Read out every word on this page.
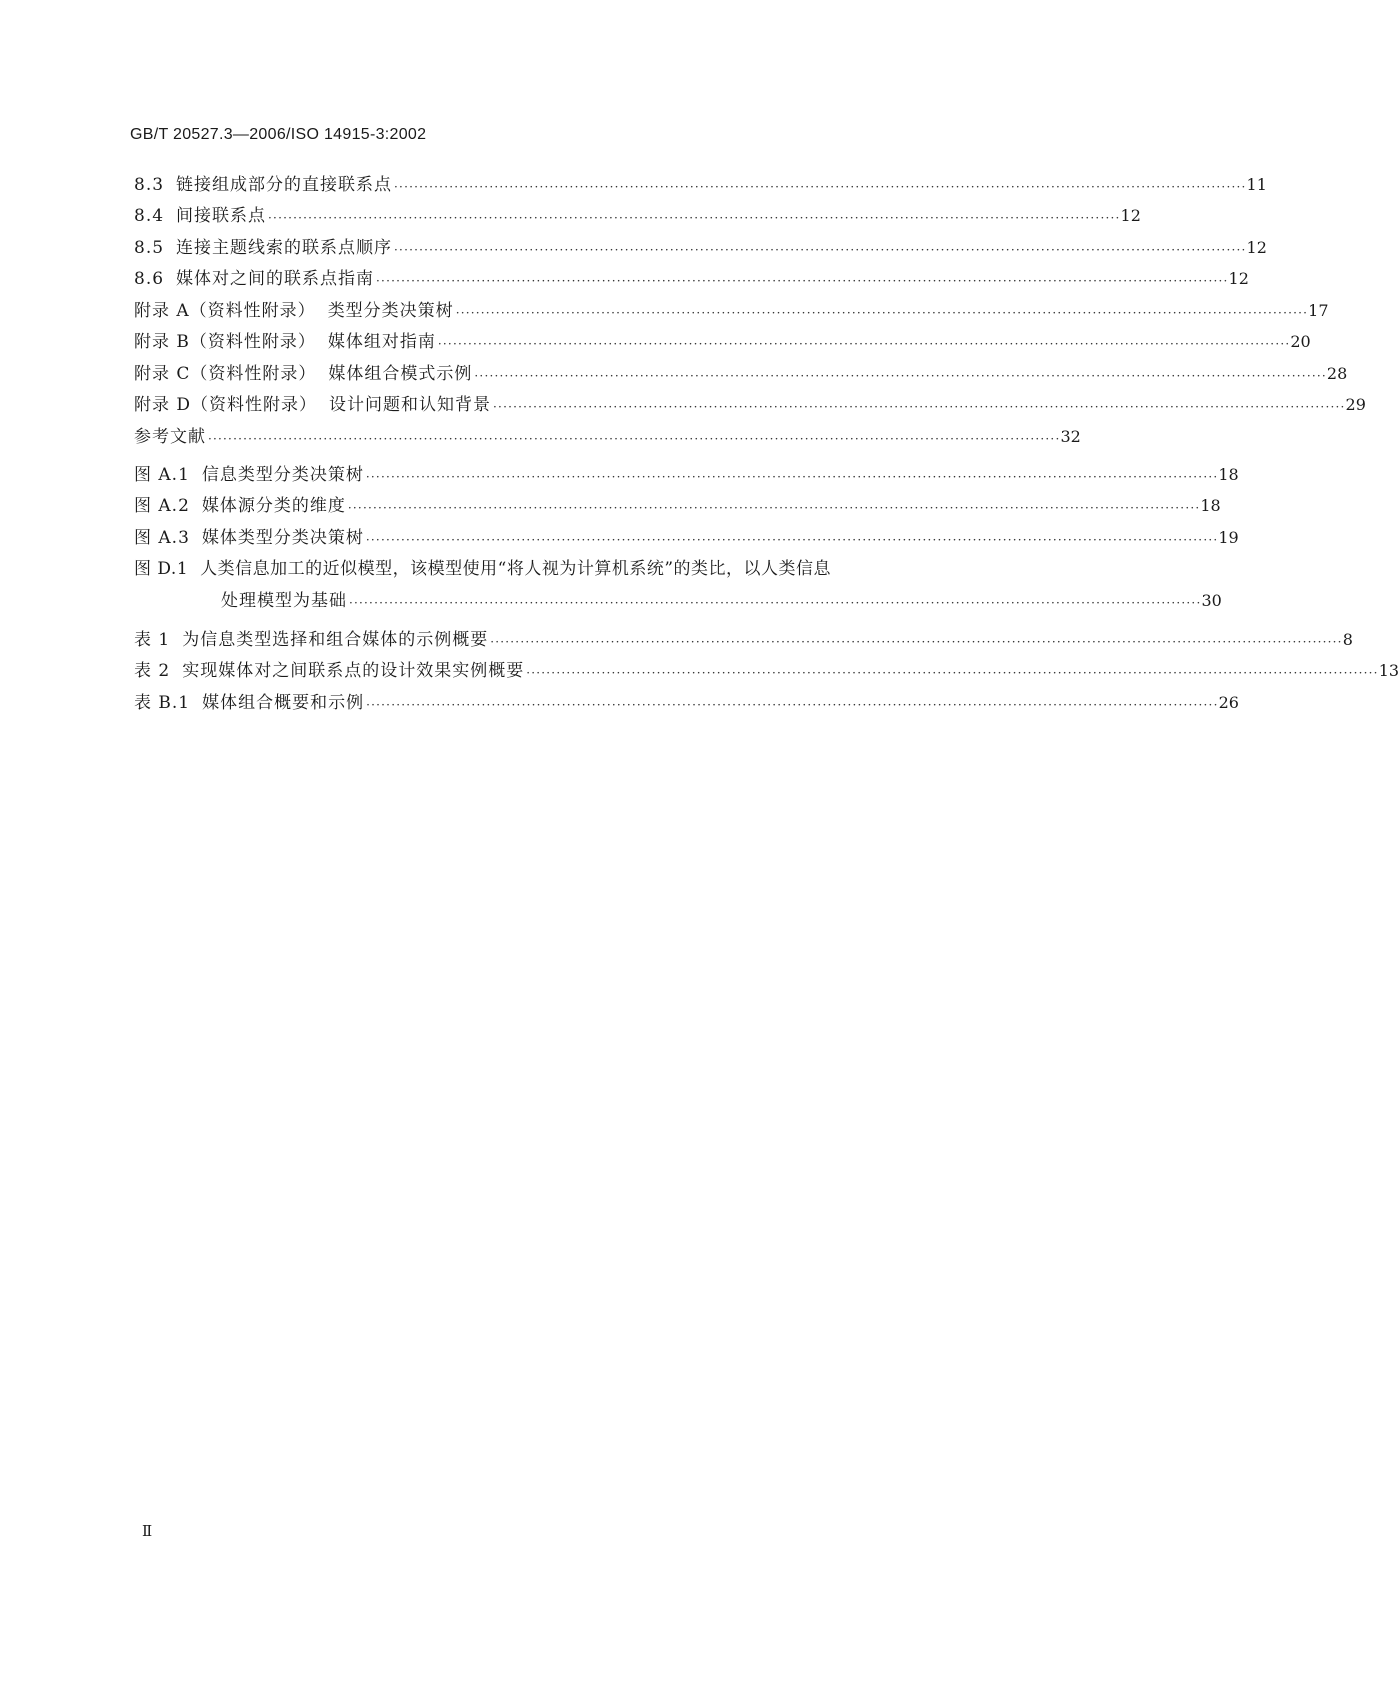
GB/T 20527.3—2006/ISO 14915-3:2002
8.3 链接组成部分的直接联系点 ·········································································································································································· 11
8.4 间接联系点 ·········································································································································································· 12
8.5 连接主题线索的联系点顺序 ·········································································································································································· 12
8.6 媒体对之间的联系点指南 ·········································································································································································· 12
附录 A（资料性附录） 类型分类决策树 ·········································································································································································· 17
附录 B（资料性附录） 媒体组对指南 ·········································································································································································· 20
附录 C（资料性附录） 媒体组合模式示例 ·········································································································································································· 28
附录 D（资料性附录） 设计问题和认知背景 ·········································································································································································· 29
参考文献 ·········································································································································································· 32
图 A.1 信息类型分类决策树 ·········································································································································································· 18
图 A.2 媒体源分类的维度 ·········································································································································································· 18
图 A.3 媒体类型分类决策树 ·········································································································································································· 19
图 D.1 人类信息加工的近似模型，该模型使用“将人视为计算机系统”的类比，以人类信息
处理模型为基础 ·········································································································································································· 30
表 1 为信息类型选择和组合媒体的示例概要 ·········································································································································································· 8
表 2 实现媒体对之间联系点的设计效果实例概要 ·········································································································································································· 13
表 B.1 媒体组合概要和示例 ·········································································································································································· 26
Ⅱ
